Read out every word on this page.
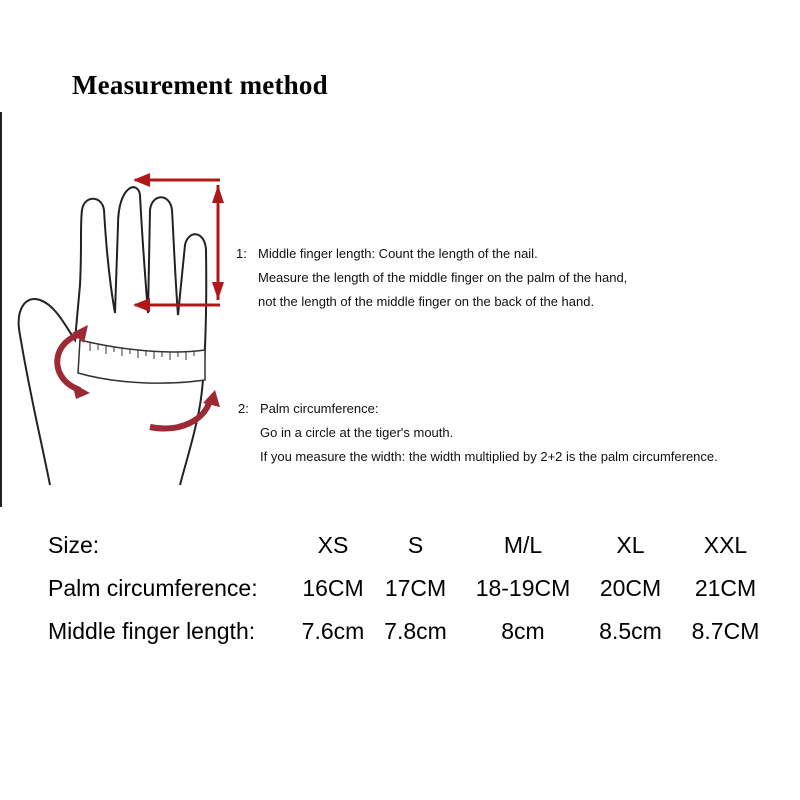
Measurement method
1: Middle finger length: Count the length of the nail.
Measure the length of the middle finger on the palm of the hand,
not the length of the middle finger on the back of the hand.
2: Palm circumference:
Go in a circle at the tiger's mouth.
If you measure the width: the width multiplied by 2+2 is the palm circumference.
Size:	XS	S	M/L	XL	XXL
Palm circumference:	16CM	17CM	18-19CM	20CM	21CM
Middle finger length:	7.6cm	7.8cm	8cm	8.5cm	8.7CM
